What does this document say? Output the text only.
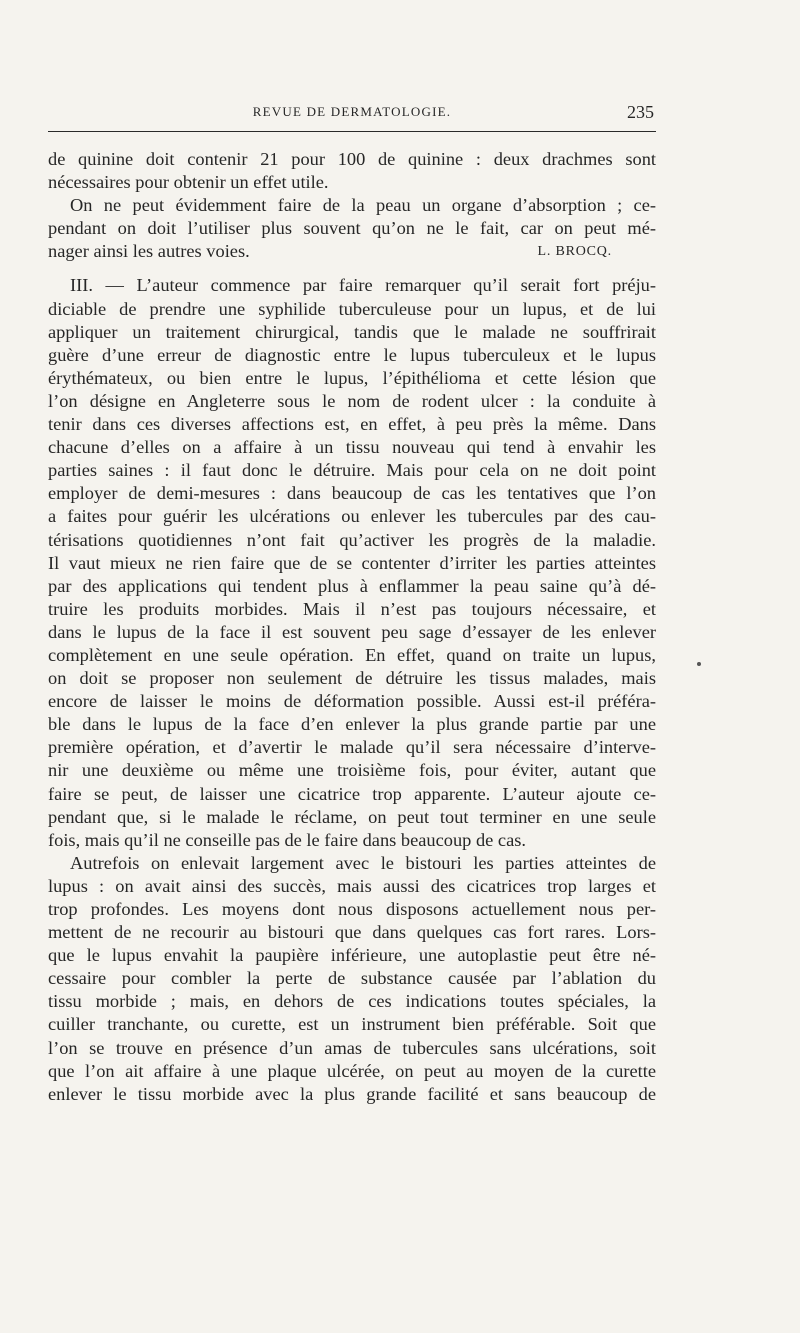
REVUE DE DERMATOLOGIE.	235
de quinine doit contenir 21 pour 100 de quinine : deux drachmes sont
nécessaires pour obtenir un effet utile.
On ne peut évidemment faire de la peau un organe d’absorption ; ce-
pendant on doit l’utiliser plus souvent qu’on ne le fait, car on peut mé-
nager ainsi les autres voies.	L. BROCQ.
III. — L’auteur commence par faire remarquer qu’il serait fort préju-
diciable de prendre une syphilide tuberculeuse pour un lupus, et de lui
appliquer un traitement chirurgical, tandis que le malade ne souffrirait
guère d’une erreur de diagnostic entre le lupus tuberculeux et le lupus
érythémateux, ou bien entre le lupus, l’épithélioma et cette lésion que
l’on désigne en Angleterre sous le nom de rodent ulcer : la conduite à
tenir dans ces diverses affections est, en effet, à peu près la même. Dans
chacune d’elles on a affaire à un tissu nouveau qui tend à envahir les
parties saines : il faut donc le détruire. Mais pour cela on ne doit point
employer de demi-mesures : dans beaucoup de cas les tentatives que l’on
a faites pour guérir les ulcérations ou enlever les tubercules par des cau-
térisations quotidiennes n’ont fait qu’activer les progrès de la maladie.
Il vaut mieux ne rien faire que de se contenter d’irriter les parties atteintes
par des applications qui tendent plus à enflammer la peau saine qu’à dé-
truire les produits morbides. Mais il n’est pas toujours nécessaire, et
dans le lupus de la face il est souvent peu sage d’essayer de les enlever
complètement en une seule opération. En effet, quand on traite un lupus,
on doit se proposer non seulement de détruire les tissus malades, mais
encore de laisser le moins de déformation possible. Aussi est-il préféra-
ble dans le lupus de la face d’en enlever la plus grande partie par une
première opération, et d’avertir le malade qu’il sera nécessaire d’interve-
nir une deuxième ou même une troisième fois, pour éviter, autant que
faire se peut, de laisser une cicatrice trop apparente. L’auteur ajoute ce-
pendant que, si le malade le réclame, on peut tout terminer en une seule
fois, mais qu’il ne conseille pas de le faire dans beaucoup de cas.
Autrefois on enlevait largement avec le bistouri les parties atteintes de
lupus : on avait ainsi des succès, mais aussi des cicatrices trop larges et
trop profondes. Les moyens dont nous disposons actuellement nous per-
mettent de ne recourir au bistouri que dans quelques cas fort rares. Lors-
que le lupus envahit la paupière inférieure, une autoplastie peut être né-
cessaire pour combler la perte de substance causée par l’ablation du
tissu morbide ; mais, en dehors de ces indications toutes spéciales, la
cuiller tranchante, ou curette, est un instrument bien préférable. Soit que
l’on se trouve en présence d’un amas de tubercules sans ulcérations, soit
que l’on ait affaire à une plaque ulcérée, on peut au moyen de la curette
enlever le tissu morbide avec la plus grande facilité et sans beaucoup de
